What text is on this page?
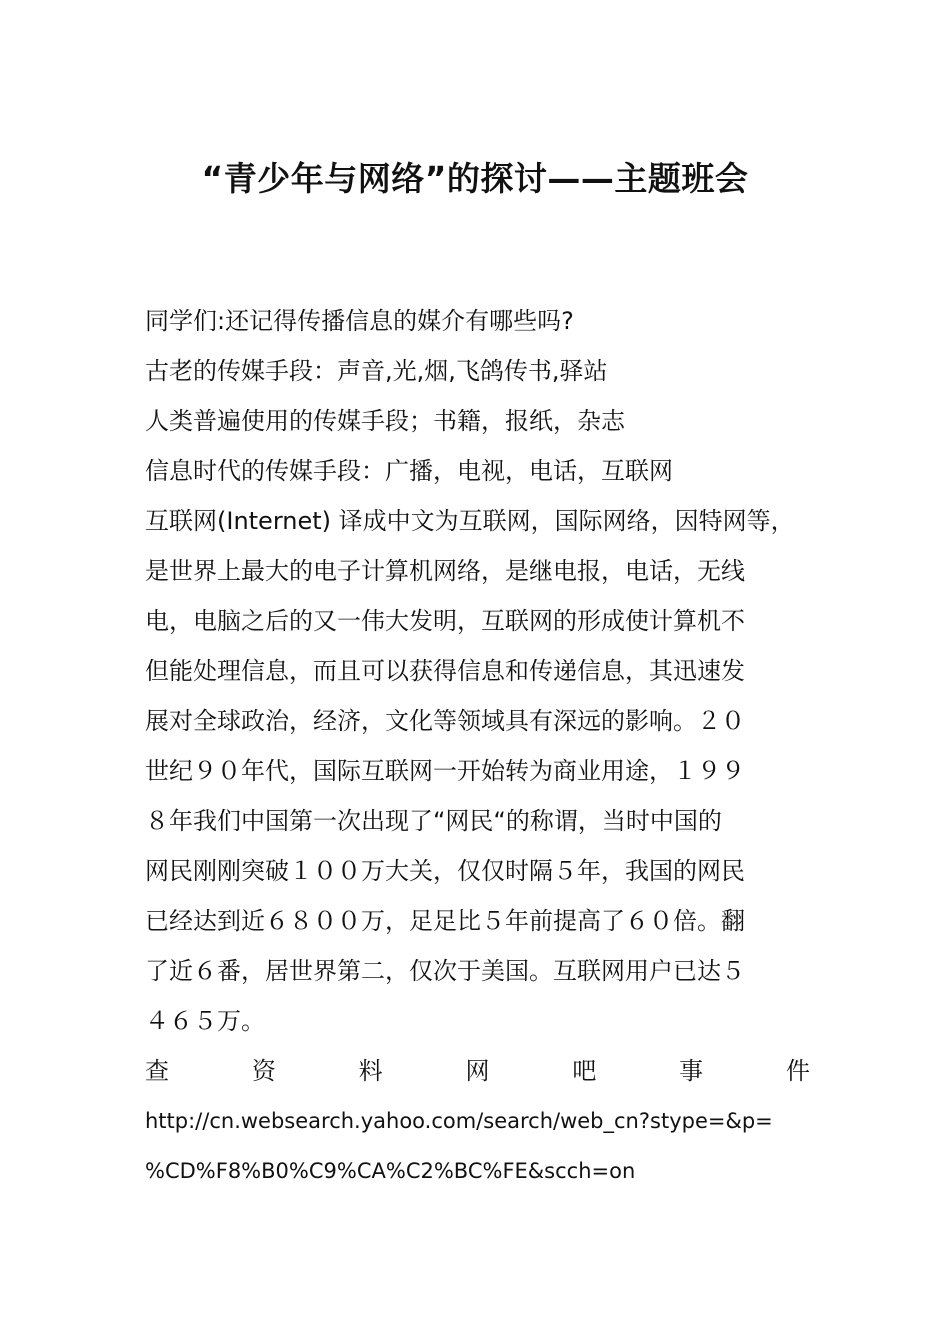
“青少年与网络”的探讨——主题班会
同学们:还记得传播信息的媒介有哪些吗?
古老的传媒手段：声音,光,烟,飞鸽传书,驿站
人类普遍使用的传媒手段；书籍，报纸，杂志
信息时代的传媒手段：广播，电视，电话，互联网
互联网(Internet) 译成中文为互联网，国际网络，因特网等，
是世界上最大的电子计算机网络，是继电报，电话，无线
电，电脑之后的又一伟大发明，互联网的形成使计算机不
但能处理信息，而且可以获得信息和传递信息，其迅速发
展对全球政治，经济，文化等领域具有深远的影响。２０
世纪９０年代，国际互联网一开始转为商业用途，１９９
８年我们中国第一次出现了“网民“的称谓，当时中国的
网民刚刚突破１００万大关，仅仅时隔５年，我国的网民
已经达到近６８００万，足足比５年前提高了６０倍。翻
了近６番，居世界第二，仅次于美国。互联网用户已达５
４６５万。
查	资	料	网	吧	事	件
http://cn.websearch.yahoo.com/search/web_cn?stype=&p=
%CD%F8%B0%C9%CA%C2%BC%FE&scch=on
